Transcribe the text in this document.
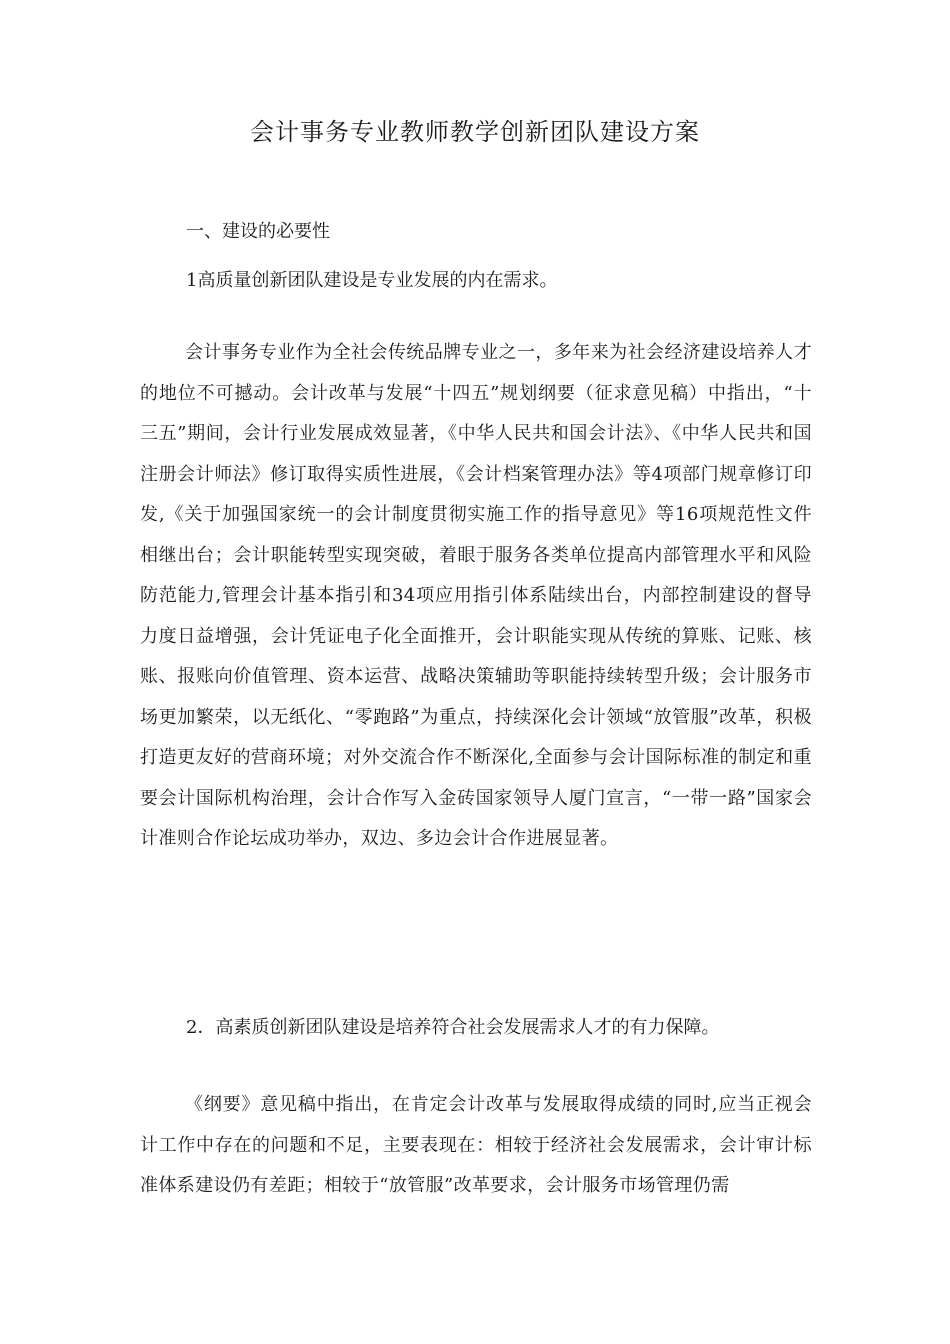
会计事务专业教师教学创新团队建设方案
一、建设的必要性
1高质量创新团队建设是专业发展的内在需求。

会计事务专业作为全社会传统品牌专业之一，多年来为社会经济建设培养人才的地位不可撼动。会计改革与发展“十四五”规划纲要（征求意见稿）中指出，“十三五”期间，会计行业发展成效显著，《中华人民共和国会计法》、《中华人民共和国注册会计师法》修订取得实质性进展，《会计档案管理办法》等4项部门规章修订印发,《关于加强国家统一的会计制度贯彻实施工作的指导意见》等16项规范性文件相继出台；会计职能转型实现突破，着眼于服务各类单位提高内部管理水平和风险防范能力,管理会计基本指引和34项应用指引体系陆续出台，内部控制建设的督导力度日益增强，会计凭证电子化全面推开，会计职能实现从传统的算账、记账、核账、报账向价值管理、资本运营、战略决策辅助等职能持续转型升级；会计服务市场更加繁荣，以无纸化、“零跑路”为重点，持续深化会计领域“放管服”改革，积极打造更友好的营商环境；对外交流合作不断深化,全面参与会计国际标准的制定和重要会计国际机构治理，会计合作写入金砖国家领导人厦门宣言，“一带一路”国家会计准则合作论坛成功举办，双边、多边会计合作进展显著。

2．高素质创新团队建设是培养符合社会发展需求人才的有力保障。

《纲要》意见稿中指出，在肯定会计改革与发展取得成绩的同时,应当正视会计工作中存在的问题和不足，主要表现在：相较于经济社会发展需求，会计审计标准体系建设仍有差距；相较于“放管服”改革要求，会计服务市场管理仍需
